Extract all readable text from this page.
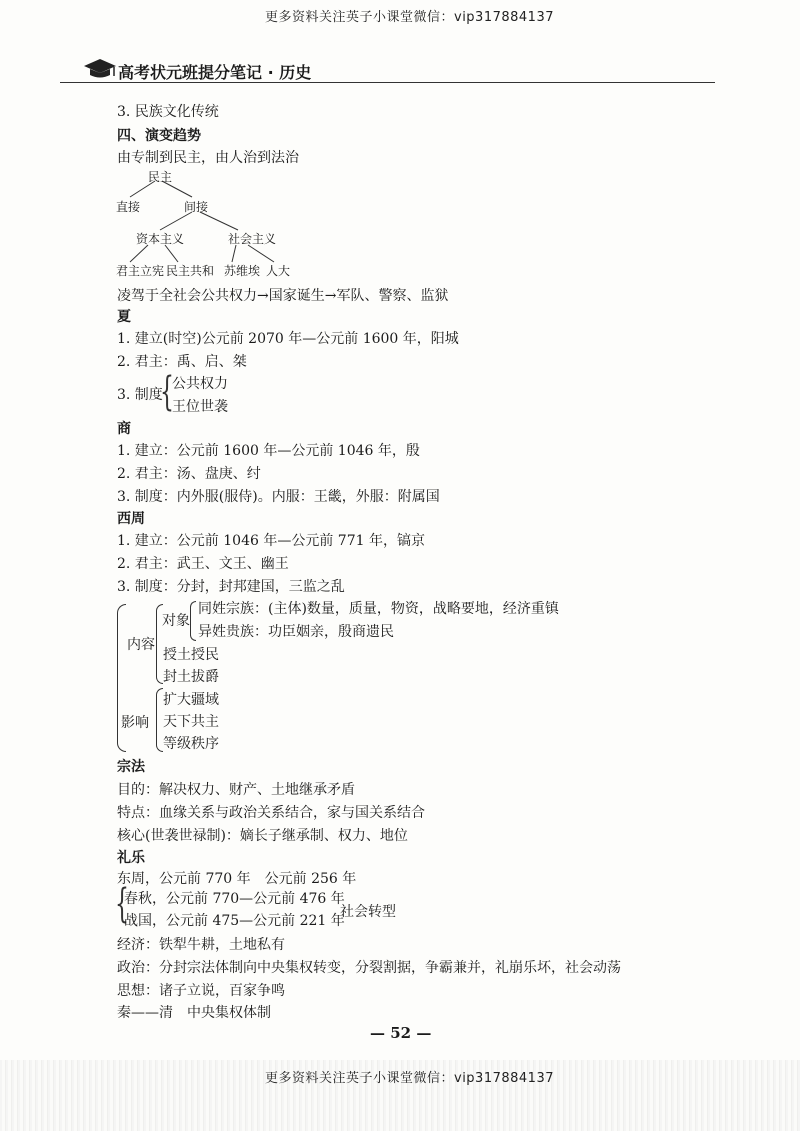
更多资料关注英子小课堂微信：vip317884137
高考状元班提分笔记 · 历史
3. 民族文化传统
四、演变趋势
由专制到民主，由人治到法治
民主
直接	间接
资本主义	社会主义
君主立宪 民主共和 苏维埃 人大
凌驾于全社会公共权力→国家诞生→军队、警察、监狱
夏
1. 建立(时空)公元前 2070 年—公元前 1600 年，阳城
2. 君主：禹、启、桀
3. 制度
{
公共权力
王位世袭
商
1. 建立：公元前 1600 年—公元前 1046 年，殷
2. 君主：汤、盘庚、纣
3. 制度：内外服(服侍)。内服：王畿，外服：附属国
西周
1. 建立：公元前 1046 年—公元前 771 年，镐京
2. 君主：武王、文王、幽王
3. 制度：分封，封邦建国，三监之乱
内容
对象
同姓宗族：(主体)数量，质量，物资，战略要地，经济重镇
异姓贵族：功臣姻亲，殷商遗民
授土授民
封土拔爵
影响
扩大疆域
天下共主
等级秩序
宗法
目的：解决权力、财产、土地继承矛盾
特点：血缘关系与政治关系结合，家与国关系结合
核心(世袭世禄制)：嫡长子继承制、权力、地位
礼乐
东周，公元前 770 年　公元前 256 年
{
春秋，公元前 770—公元前 476 年
战国，公元前 475—公元前 221 年
社会转型
经济：铁犁牛耕，土地私有
政治：分封宗法体制向中央集权转变，分裂割据，争霸兼并，礼崩乐坏，社会动荡
思想：诸子立说，百家争鸣
秦——清　中央集权体制
— 52 —
更多资料关注英子小课堂微信：vip317884137
